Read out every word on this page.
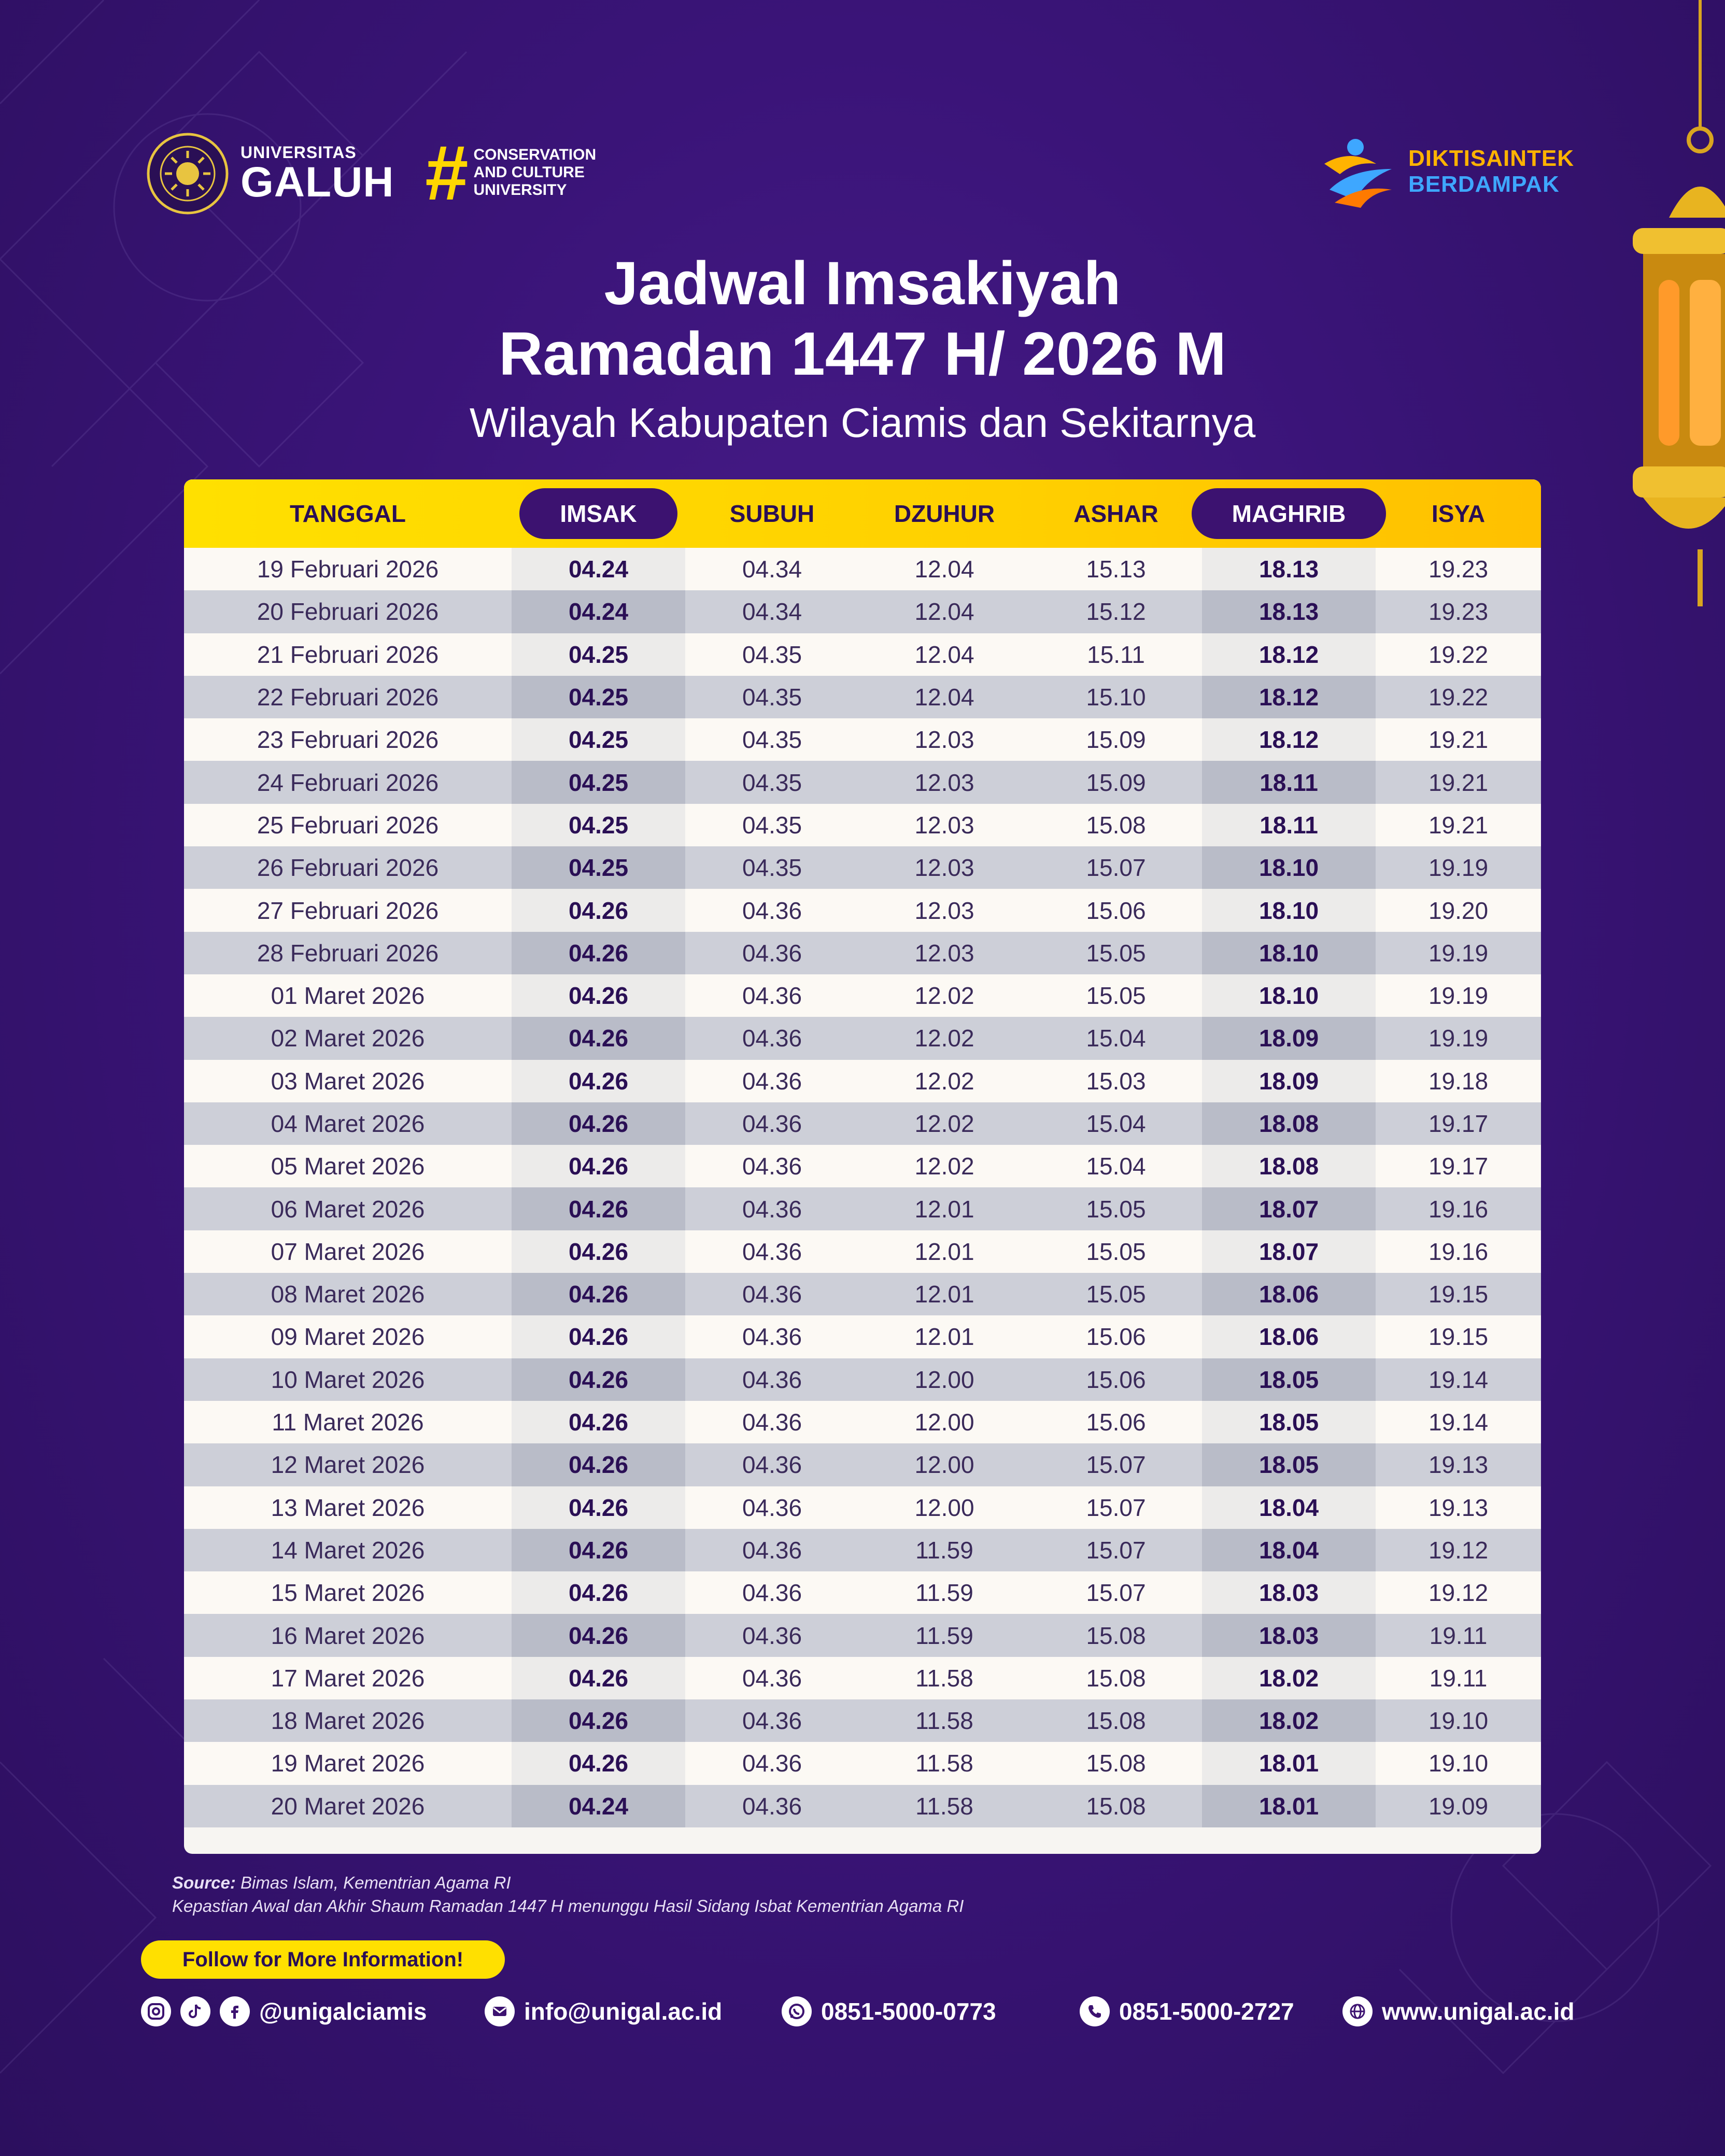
UNIVERSITAS
GALUH # CONSERVATION
AND CULTURE
UNIVERSITY
DIKTISAINTEK
BERDAMPAK
Jadwal Imsakiyah
Ramadan 1447 H/ 2026 M
Wilayah Kabupaten Ciamis dan Sekitarnya
TANGGAL	IMSAK	SUBUH	DZUHUR	ASHAR	MAGHRIB	ISYA
19 Februari 2026	04.24	04.34	12.04	15.13	18.13	19.23
20 Februari 2026	04.24	04.34	12.04	15.12	18.13	19.23
21 Februari 2026	04.25	04.35	12.04	15.11	18.12	19.22
22 Februari 2026	04.25	04.35	12.04	15.10	18.12	19.22
23 Februari 2026	04.25	04.35	12.03	15.09	18.12	19.21
24 Februari 2026	04.25	04.35	12.03	15.09	18.11	19.21
25 Februari 2026	04.25	04.35	12.03	15.08	18.11	19.21
26 Februari 2026	04.25	04.35	12.03	15.07	18.10	19.19
27 Februari 2026	04.26	04.36	12.03	15.06	18.10	19.20
28 Februari 2026	04.26	04.36	12.03	15.05	18.10	19.19
01 Maret 2026	04.26	04.36	12.02	15.05	18.10	19.19
02 Maret 2026	04.26	04.36	12.02	15.04	18.09	19.19
03 Maret 2026	04.26	04.36	12.02	15.03	18.09	19.18
04 Maret 2026	04.26	04.36	12.02	15.04	18.08	19.17
05 Maret 2026	04.26	04.36	12.02	15.04	18.08	19.17
06 Maret 2026	04.26	04.36	12.01	15.05	18.07	19.16
07 Maret 2026	04.26	04.36	12.01	15.05	18.07	19.16
08 Maret 2026	04.26	04.36	12.01	15.05	18.06	19.15
09 Maret 2026	04.26	04.36	12.01	15.06	18.06	19.15
10 Maret 2026	04.26	04.36	12.00	15.06	18.05	19.14
11 Maret 2026	04.26	04.36	12.00	15.06	18.05	19.14
12 Maret 2026	04.26	04.36	12.00	15.07	18.05	19.13
13 Maret 2026	04.26	04.36	12.00	15.07	18.04	19.13
14 Maret 2026	04.26	04.36	11.59	15.07	18.04	19.12
15 Maret 2026	04.26	04.36	11.59	15.07	18.03	19.12
16 Maret 2026	04.26	04.36	11.59	15.08	18.03	19.11
17 Maret 2026	04.26	04.36	11.58	15.08	18.02	19.11
18 Maret 2026	04.26	04.36	11.58	15.08	18.02	19.10
19 Maret 2026	04.26	04.36	11.58	15.08	18.01	19.10
20 Maret 2026	04.24	04.36	11.58	15.08	18.01	19.09
Source: Bimas Islam, Kementrian Agama RI
Kepastian Awal dan Akhir Shaum Ramadan 1447 H menunggu Hasil Sidang Isbat Kementrian Agama RI
Follow for More Information!
@unigalciamis	info@unigal.ac.id	0851-5000-0773	0851-5000-2727	www.unigal.ac.id
